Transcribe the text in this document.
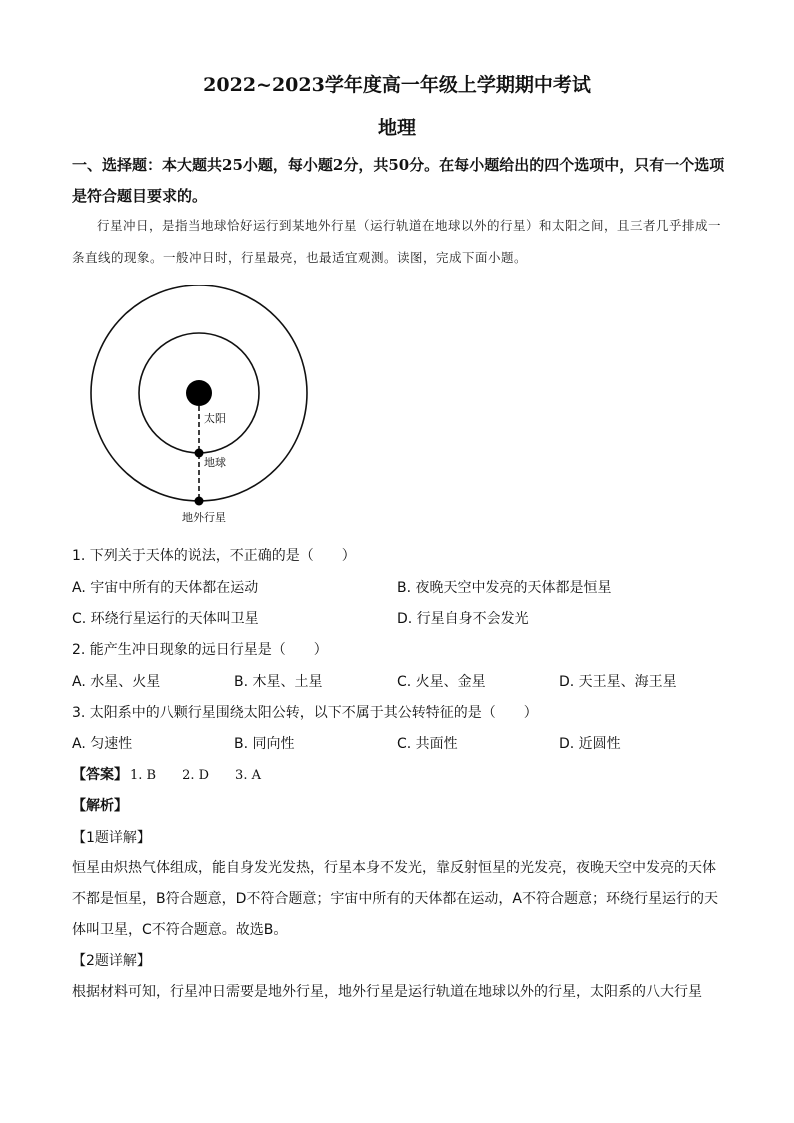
2022~2023学年度高一年级上学期期中考试
地理
一、选择题：本大题共25小题，每小题2分，共50分。在每小题给出的四个选项中，只有一个选项是符合题目要求的。
行星冲日，是指当地球恰好运行到某地外行星（运行轨道在地球以外的行星）和太阳之间，且三者几乎排成一条直线的现象。一般冲日时，行星最亮，也最适宜观测。读图，完成下面小题。
太阳
地球
地外行星
1. 下列关于天体的说法，不正确的是（　　）
A. 宇宙中所有的天体都在运动	B. 夜晚天空中发亮的天体都是恒星
C. 环绕行星运行的天体叫卫星	D. 行星自身不会发光
2. 能产生冲日现象的远日行星是（　　）
A. 水星、火星	B. 木星、土星	C. 火星、金星	D. 天王星、海王星
3. 太阳系中的八颗行星围绕太阳公转，以下不属于其公转特征的是（　　）
A. 匀速性	B. 同向性	C. 共面性	D. 近圆性
【答案】 1. B　　2. D　　3. A
【解析】
【1题详解】
恒星由炽热气体组成，能自身发光发热，行星本身不发光，靠反射恒星的光发亮，夜晚天空中发亮的天体不都是恒星，B符合题意，D不符合题意；宇宙中所有的天体都在运动，A不符合题意；环绕行星运行的天体叫卫星，C不符合题意。故选B。
【2题详解】
根据材料可知，行星冲日需要是地外行星，地外行星是运行轨道在地球以外的行星，太阳系的八大行星
